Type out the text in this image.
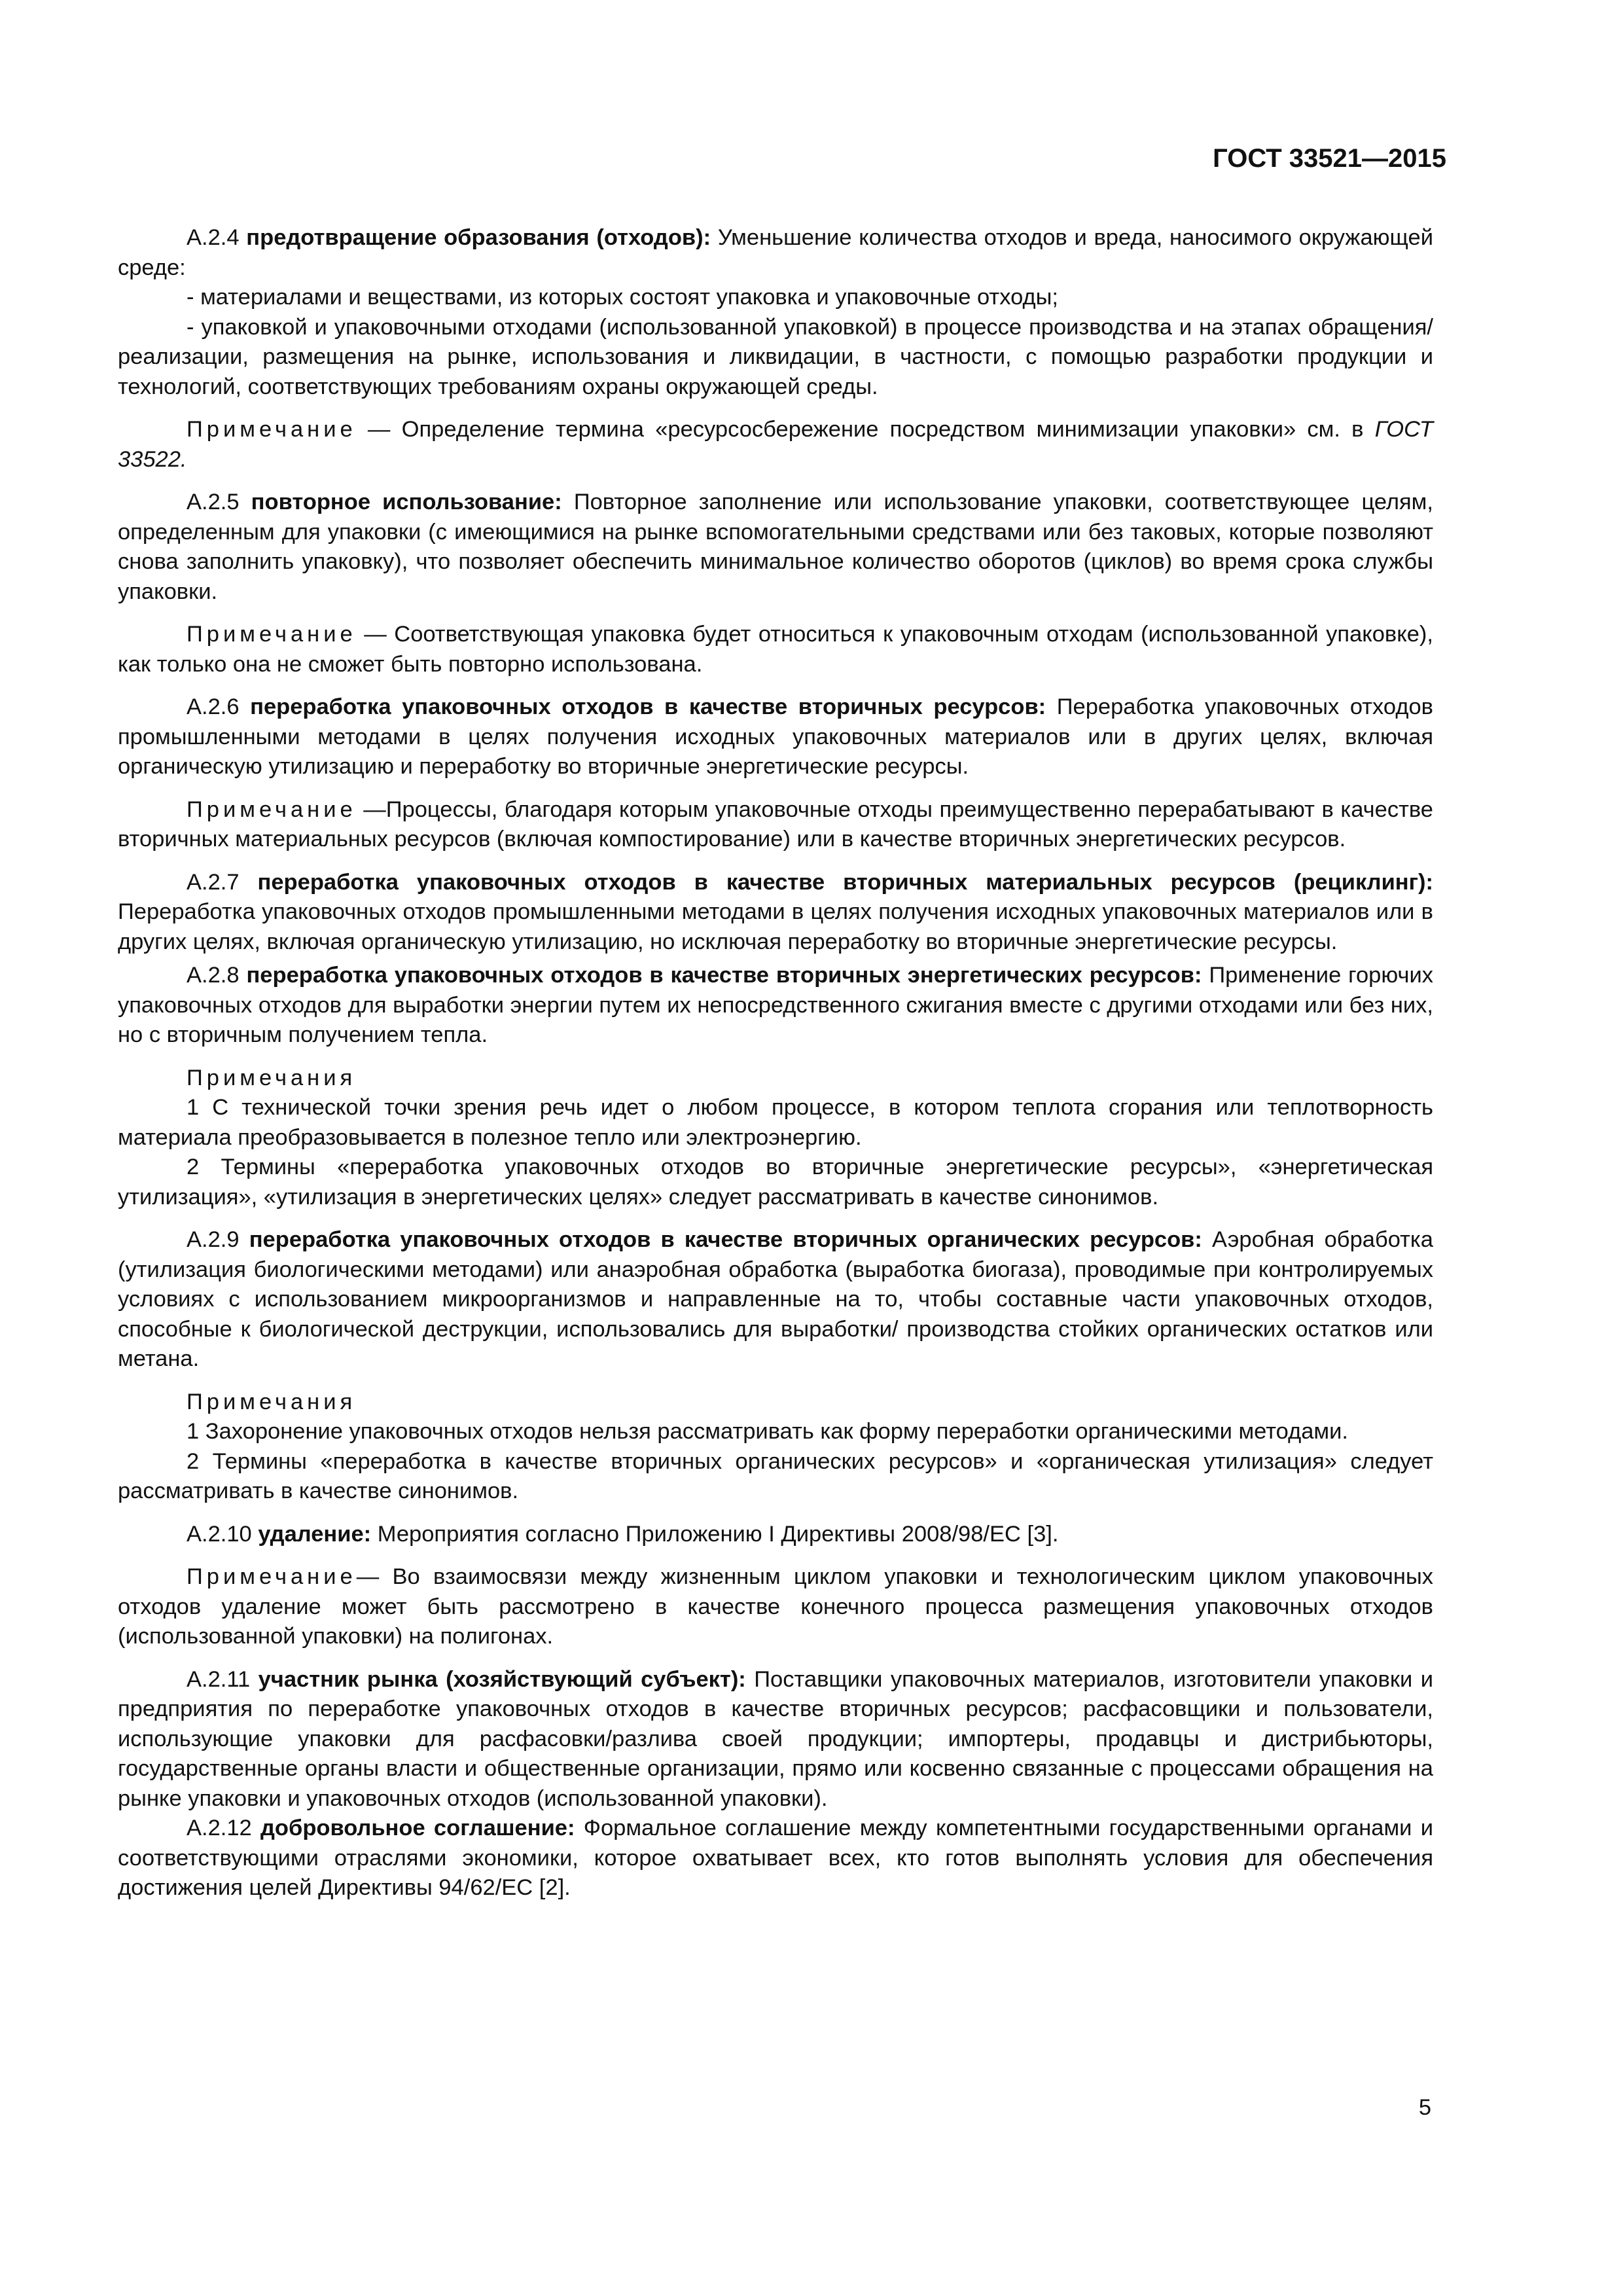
ГОСТ 33521—2015

А.2.4 предотвращение образования (отходов): Уменьшение количества отходов и вреда, наносимого окружающей среде:

- материалами и веществами, из которых состоят упаковка и упаковочные отходы;

- упаковкой и упаковочными отходами (использованной упаковкой) в процессе производства и на этапах обращения/реализации, размещения на рынке, использования и ликвидации, в частности, с помощью разработки продукции и технологий, соответствующих требованиям охраны окружающей среды.

Примечание — Определение термина «ресурсосбережение посредством минимизации упаковки» см. в ГОСТ 33522.

А.2.5 повторное использование: Повторное заполнение или использование упаковки, соответствующее целям, определенным для упаковки (с имеющимися на рынке вспомогательными средствами или без таковых, которые позволяют снова заполнить упаковку), что позволяет обеспечить минимальное количество оборотов (циклов) во время срока службы упаковки.

Примечание — Соответствующая упаковка будет относиться к упаковочным отходам (использованной упаковке), как только она не сможет быть повторно использована.

А.2.6 переработка упаковочных отходов в качестве вторичных ресурсов: Переработка упаковочных отходов промышленными методами в целях получения исходных упаковочных материалов или в других целях, включая органическую утилизацию и переработку во вторичные энергетические ресурсы.

Примечание —Процессы, благодаря которым упаковочные отходы преимущественно перерабатывают в качестве вторичных материальных ресурсов (включая компостирование) или в качестве вторичных энергетических ресурсов.

А.2.7 переработка упаковочных отходов в качестве вторичных материальных ресурсов (рециклинг): Переработка упаковочных отходов промышленными методами в целях получения исходных упаковочных материалов или в других целях, включая органическую утилизацию, но исключая переработку во вторичные энергетические ресурсы.

А.2.8 переработка упаковочных отходов в качестве вторичных энергетических ресурсов: Применение горючих упаковочных отходов для выработки энергии путем их непосредственного сжигания вместе с другими отходами или без них, но с вторичным получением тепла.

Примечания

1 С технической точки зрения речь идет о любом процессе, в котором теплота сгорания или теплотворность материала преобразовывается в полезное тепло или электроэнергию.

2 Термины «переработка упаковочных отходов во вторичные энергетические ресурсы», «энергетическая утилизация», «утилизация в энергетических целях» следует рассматривать в качестве синонимов.

А.2.9 переработка упаковочных отходов в качестве вторичных органических ресурсов: Аэробная обработка (утилизация биологическими методами) или анаэробная обработка (выработка биогаза), проводимые при контролируемых условиях с использованием микроорганизмов и направленные на то, чтобы составные части упаковочных отходов, способные к биологической деструкции, использовались для выработки/ производства стойких органических остатков или метана.

Примечания

1 Захоронение упаковочных отходов нельзя рассматривать как форму переработки органическими методами.

2 Термины «переработка в качестве вторичных органических ресурсов» и «органическая утилизация» следует рассматривать в качестве синонимов.

А.2.10 удаление: Мероприятия согласно Приложению I Директивы 2008/98/ЕС [3].

Примечание— Во взаимосвязи между жизненным циклом упаковки и технологическим циклом упаковочных отходов удаление может быть рассмотрено в качестве конечного процесса размещения упаковочных отходов (использованной упаковки) на полигонах.

А.2.11 участник рынка (хозяйствующий субъект): Поставщики упаковочных материалов, изготовители упаковки и предприятия по переработке упаковочных отходов в качестве вторичных ресурсов; расфасовщики и пользователи, использующие упаковки для расфасовки/разлива своей продукции; импортеры, продавцы и дистрибьюторы, государственные органы власти и общественные организации, прямо или косвенно связанные с процессами обращения на рынке упаковки и упаковочных отходов (использованной упаковки).

А.2.12 добровольное соглашение: Формальное соглашение между компетентными государственными органами и соответствующими отраслями экономики, которое охватывает всех, кто готов выполнять условия для обеспечения достижения целей Директивы 94/62/ЕС [2].

5
